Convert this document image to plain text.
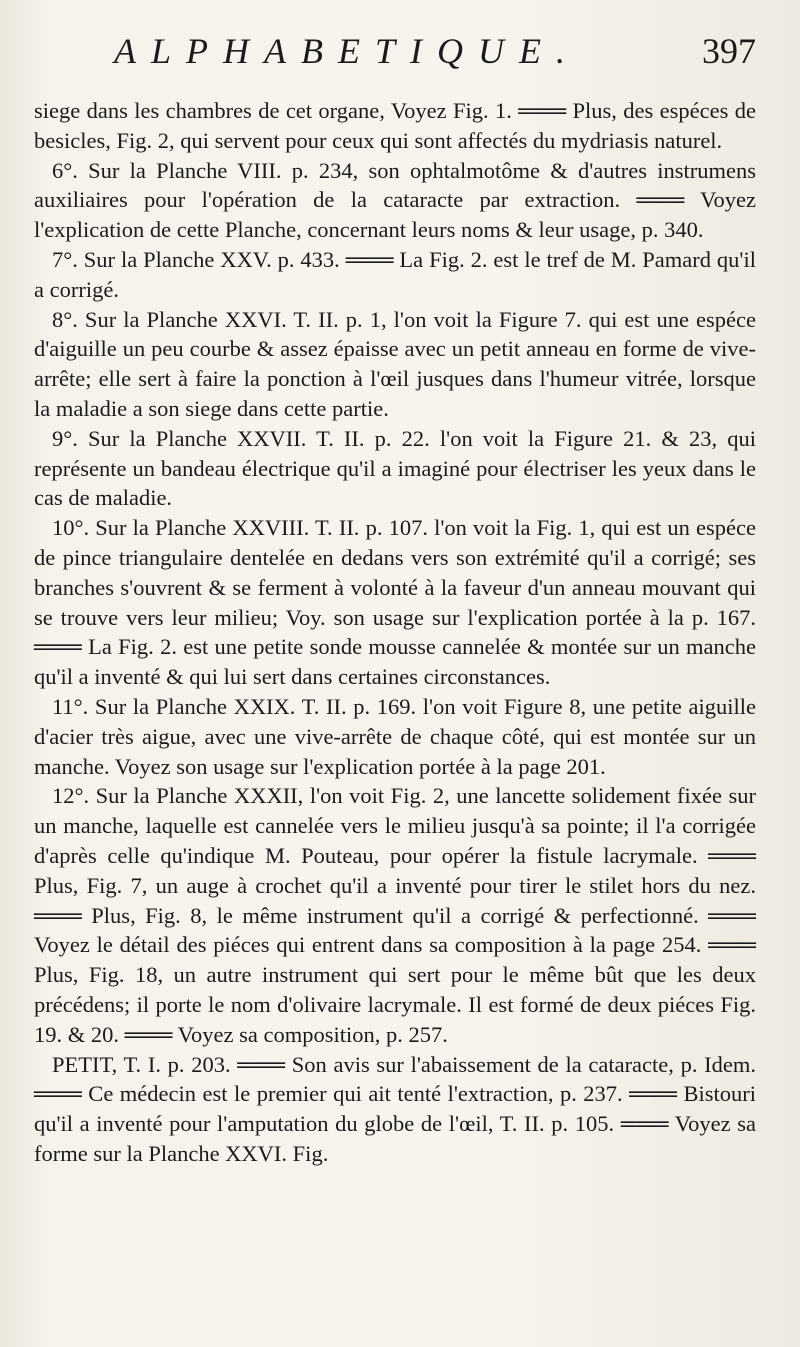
ALPHABETIQUE.	397

siege dans les chambres de cet organe, Voyez Fig. 1. ═══ Plus, des espéces de besicles, Fig. 2, qui servent pour ceux qui sont affectés du mydriasis naturel.

6°. Sur la Planche VIII. p. 234, son ophtalmotôme & d'autres instrumens auxiliaires pour l'opération de la cataracte par extraction. ═══ Voyez l'explication de cette Planche, concernant leurs noms & leur usage, p. 340.

7°. Sur la Planche XXV. p. 433. ═══ La Fig. 2. est le tref de M. Pamard qu'il a corrigé.

8°. Sur la Planche XXVI. T. II. p. 1, l'on voit la Figure 7. qui est une espéce d'aiguille un peu courbe & assez épaisse avec un petit anneau en forme de vive-arrête; elle sert à faire la ponction à l'œil jusques dans l'humeur vitrée, lorsque la maladie a son siege dans cette partie.

9°. Sur la Planche XXVII. T. II. p. 22. l'on voit la Figure 21. & 23, qui représente un bandeau électrique qu'il a imaginé pour électriser les yeux dans le cas de maladie.

10°. Sur la Planche XXVIII. T. II. p. 107. l'on voit la Fig. 1, qui est un espéce de pince triangulaire dentelée en dedans vers son extrémité qu'il a corrigé; ses branches s'ouvrent & se ferment à volonté à la faveur d'un anneau mouvant qui se trouve vers leur milieu; Voy. son usage sur l'explication portée à la p. 167. ═══ La Fig. 2. est une petite sonde mousse cannelée & montée sur un manche qu'il a inventé & qui lui sert dans certaines circonstances.

11°. Sur la Planche XXIX. T. II. p. 169. l'on voit Figure 8, une petite aiguille d'acier très aigue, avec une vive-arrête de chaque côté, qui est montée sur un manche. Voyez son usage sur l'explication portée à la page 201.

12°. Sur la Planche XXXII, l'on voit Fig. 2, une lancette solidement fixée sur un manche, laquelle est cannelée vers le milieu jusqu'à sa pointe; il l'a corrigée d'après celle qu'indique M. Pouteau, pour opérer la fistule lacrymale. ═══ Plus, Fig. 7, un auge à crochet qu'il a inventé pour tirer le stilet hors du nez. ═══ Plus, Fig. 8, le même instrument qu'il a corrigé & perfectionné. ═══ Voyez le détail des piéces qui entrent dans sa composition à la page 254. ═══ Plus, Fig. 18, un autre instrument qui sert pour le même bût que les deux précédens; il porte le nom d'olivaire lacrymale. Il est formé de deux piéces Fig. 19. & 20. ═══ Voyez sa composition, p. 257.

PETIT, T. I. p. 203. ═══ Son avis sur l'abaissement de la cataracte, p. Idem. ═══ Ce médecin est le premier qui ait tenté l'extraction, p. 237. ═══ Bistouri qu'il a inventé pour l'amputation du globe de l'œil, T. II. p. 105. ═══ Voyez sa forme sur la Planche XXVI. Fig.
